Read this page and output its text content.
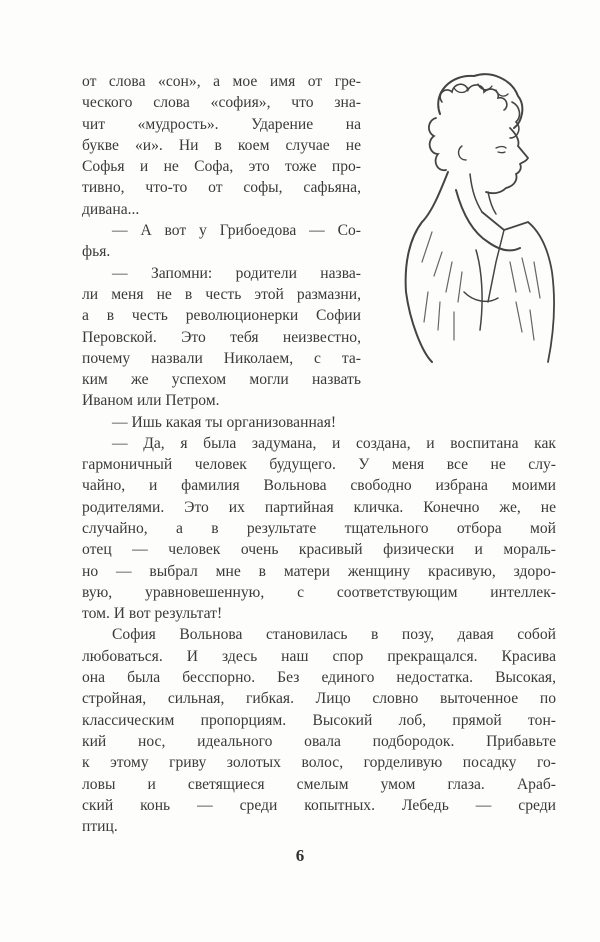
от слова «сон», а мое имя от гре-
ческого слова «софия», что зна-
чит «мудрость». Ударение на
букве «и». Ни в коем случае не
Софья и не Софа, это тоже про-
тивно, что-то от софы, сафьяна,
дивана...
— А вот у Грибоедова — Со-
фья.
— Запомни: родители назва-
ли меня не в честь этой размазни,
а в честь революционерки Софии
Перовской. Это тебя неизвестно,
почему назвали Николаем, с та-
ким же успехом могли назвать
Иваном или Петром.
— Ишь какая ты организованная!
— Да, я была задумана, и создана, и воспитана как
гармоничный человек будущего. У меня все не слу-
чайно, и фамилия Вольнова свободно избрана моими
родителями. Это их партийная кличка. Конечно же, не
случайно, а в результате тщательного отбора мой
отец — человек очень красивый физически и мораль-
но — выбрал мне в матери женщину красивую, здоро-
вую, уравновешенную, с соответствующим интеллек-
том. И вот результат!
София Вольнова становилась в позу, давая собой
любоваться. И здесь наш спор прекращался. Красива
она была бесспорно. Без единого недостатка. Высокая,
стройная, сильная, гибкая. Лицо словно выточенное по
классическим пропорциям. Высокий лоб, прямой тон-
кий нос, идеального овала подбородок. Прибавьте
к этому гриву золотых волос, горделивую посадку го-
ловы и светящиеся смелым умом глаза. Араб-
ский конь — среди копытных. Лебедь — среди
птиц.
6
